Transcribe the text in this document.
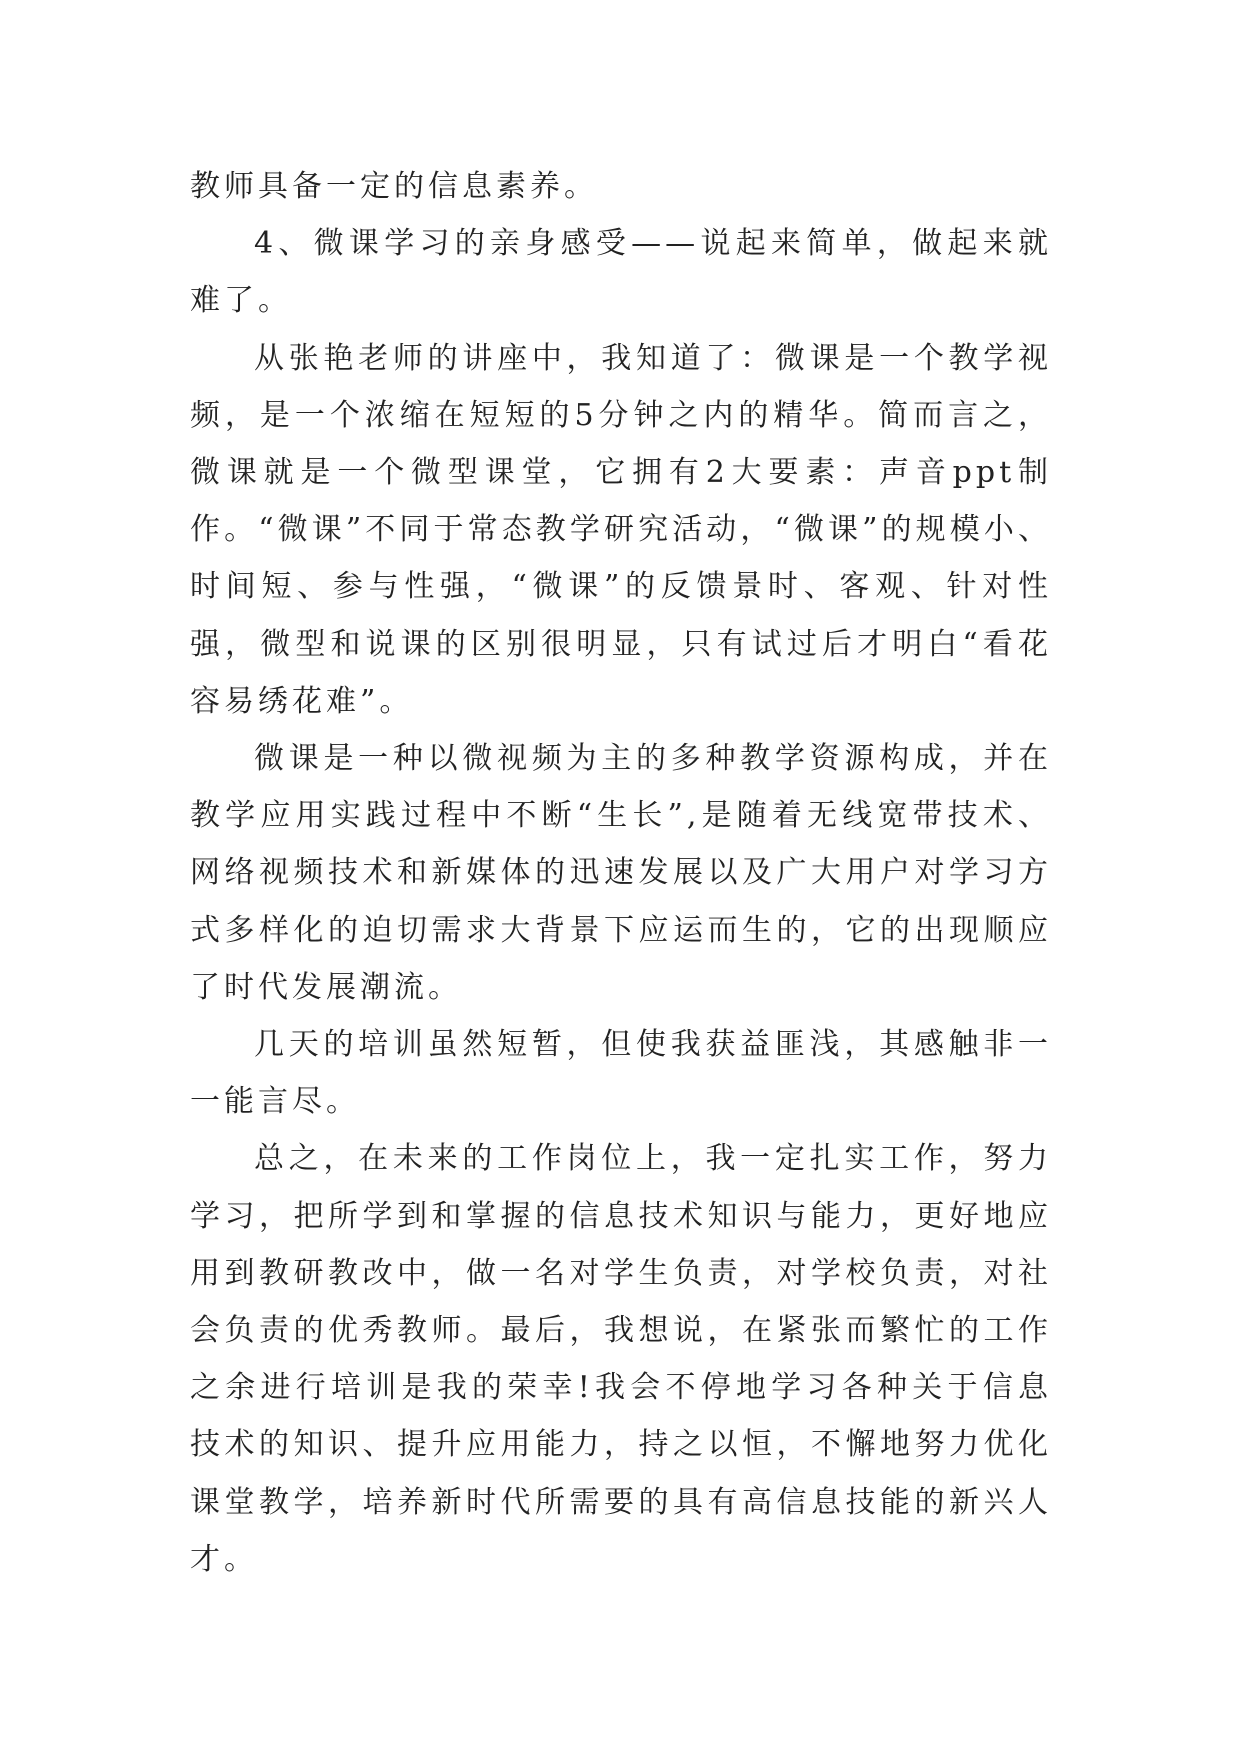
教师具备一定的信息素养。

4、微课学习的亲身感受——说起来简单，做起来就难了。

从张艳老师的讲座中，我知道了：微课是一个教学视频，是一个浓缩在短短的5分钟之内的精华。简而言之，微课就是一个微型课堂，它拥有2大要素：声音ppt制作。“微课”不同于常态教学研究活动，“微课”的规模小、时间短、参与性强，“微课”的反馈景时、客观、针对性强，微型和说课的区别很明显，只有试过后才明白“看花容易绣花难”。

微课是一种以微视频为主的多种教学资源构成，并在教学应用实践过程中不断“生长”,是随着无线宽带技术、网络视频技术和新媒体的迅速发展以及广大用户对学习方式多样化的迫切需求大背景下应运而生的，它的出现顺应了时代发展潮流。

几天的培训虽然短暂，但使我获益匪浅，其感触非一一能言尽。

总之，在未来的工作岗位上，我一定扎实工作，努力学习，把所学到和掌握的信息技术知识与能力，更好地应用到教研教改中，做一名对学生负责，对学校负责，对社会负责的优秀教师。最后，我想说，在紧张而繁忙的工作之余进行培训是我的荣幸!我会不停地学习各种关于信息技术的知识、提升应用能力，持之以恒，不懈地努力优化课堂教学，培养新时代所需要的具有高信息技能的新兴人才。
